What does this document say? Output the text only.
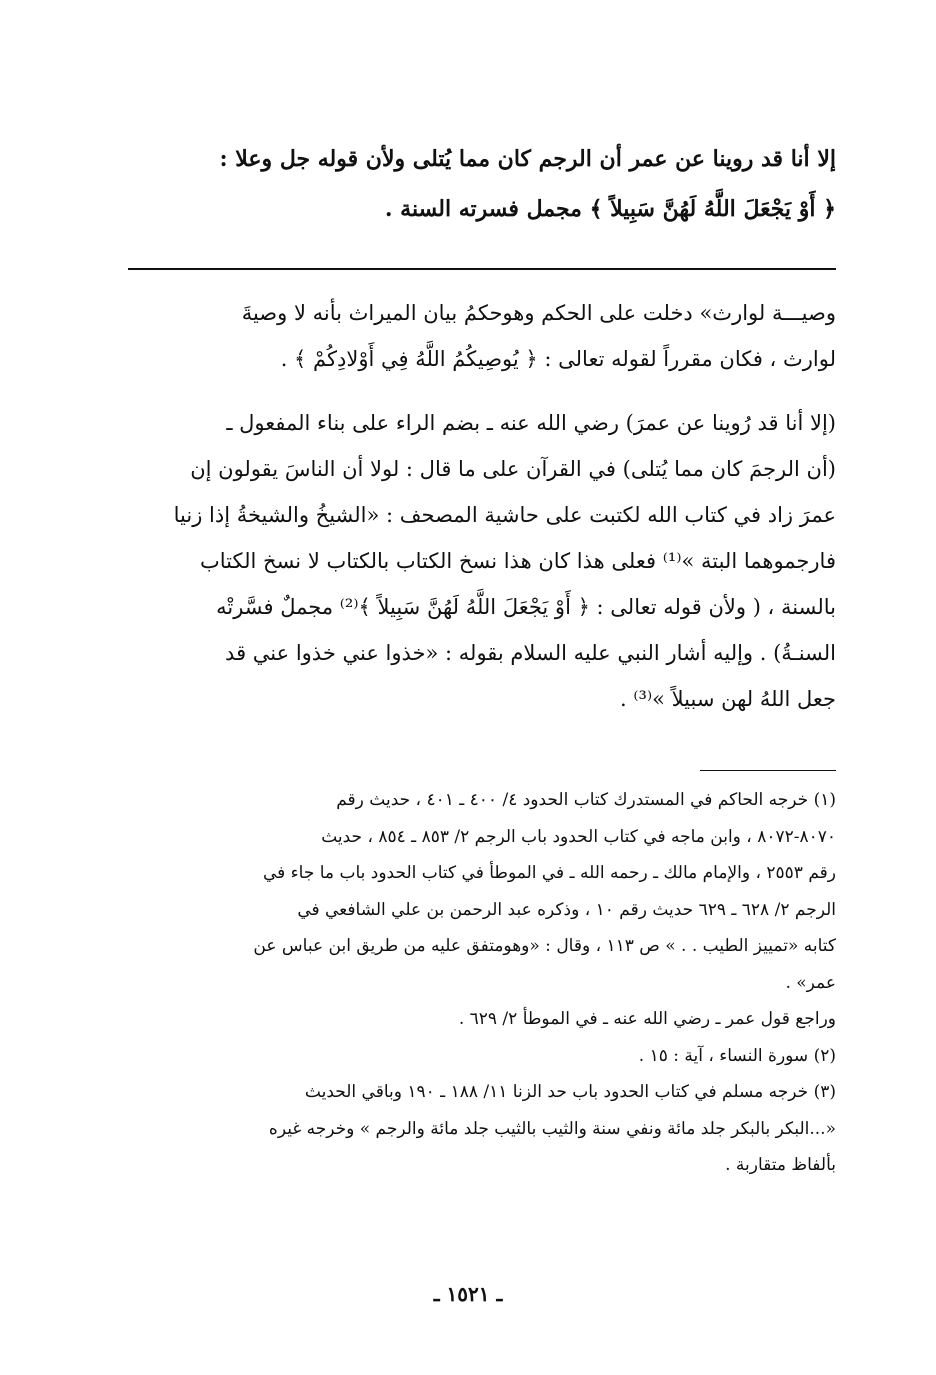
إلا أنا قد روينا عن عمر أن الرجم كان مما يُتلى ولأن قوله جل وعلا :
﴿ أَوْ يَجْعَلَ اللَّهُ لَهُنَّ سَبِيلاً ﴾ مجمل فسرته السنة .
وصيـــة لوارث» دخلت على الحكم وهوحكمُ بيان الميراث بأنه لا وصيةَ
لوارث ، فكان مقرراً لقوله تعالى : ﴿ يُوصِيكُمُ اللَّهُ فِي أَوْلادِكُمْ ﴾ .
(إلا أنا قد رُوينا عن عمرَ) رضي الله عنه ـ بضم الراء على بناء المفعول ـ
(أن الرجمَ كان مما يُتلى) في القرآن على ما قال : لولا أن الناسَ يقولون إن
عمرَ زاد في كتاب الله لكتبت على حاشية المصحف : «الشيخُ والشيخةُ إذا زنيا
فارجموهما البتة »⁽¹⁾ فعلى هذا كان هذا نسخ الكتاب بالكتاب لا نسخ الكتاب
بالسنة ، ( ولأن قوله تعالى : ﴿ أَوْ يَجْعَلَ اللَّهُ لَهُنَّ سَبِيلاً ﴾⁽²⁾ مجملٌ فسَّرتْه
السنـةُ) . وإليه أشار النبي عليه السلام بقوله : «خذوا عني خذوا عني قد
جعل اللهُ لهن سبيلاً »⁽³⁾ .
(١) خرجه الحاكم في المستدرك كتاب الحدود ٤/ ٤٠٠ ـ ٤٠١ ، حديث رقم
٨٠٧٠-٨٠٧٢ ، وابن ماجه في كتاب الحدود باب الرجم ٢/ ٨٥٣ ـ ٨٥٤ ، حديث
رقم ٢٥٥٣ ، والإمام مالك ـ رحمه الله ـ في الموطأ في كتاب الحدود باب ما جاء في
الرجم ٢/ ٦٢٨ ـ ٦٢٩ حديث رقم ١٠ ، وذكره عبد الرحمن بن علي الشافعي في
كتابه «تمييز الطيب . . » ص ١١٣ ، وقال : «وهومتفق عليه من طريق ابن عباس عن
عمر» .
وراجع قول عمر ـ رضي الله عنه ـ في الموطأ ٢/ ٦٢٩ .
(٢) سورة النساء ، آية : ١٥ .
(٣) خرجه مسلم في كتاب الحدود باب حد الزنا ١١/ ١٨٨ ـ ١٩٠ وباقي الحديث
«...البكر بالبكر جلد مائة ونفي سنة والثيب بالثيب جلد مائة والرجم » وخرجه غيره
بألفاظ متقاربة .
ـ ١٥٢١ ـ
